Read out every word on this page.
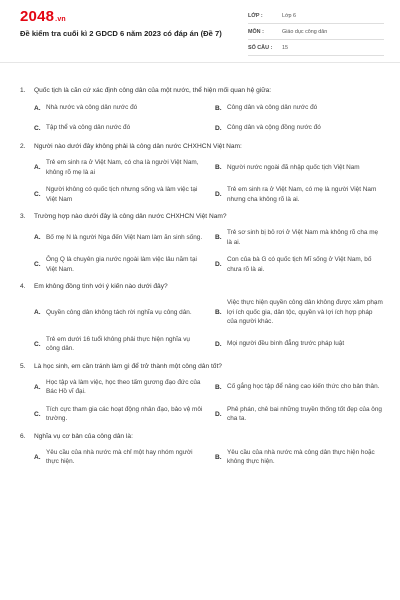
2048.vn
Đề kiểm tra cuối kì 2 GDCD 6 năm 2023 có đáp án (Đề 7)
LỚP :	Lớp 6
MÔN :	Giáo dục công dân
SỐ CÂU :	15
1.	Quốc tịch là căn cứ xác định công dân của một nước, thể hiện mối quan hệ giữa:
A. Nhà nước và công dân nước đó	B. Công dân và công dân nước đó
C. Tập thể và công dân nước đó	D. Công dân và cộng đồng nước đó
2.	Người nào dưới đây không phải là công dân nước CHXHCN Việt Nam:
A.
Trẻ em sinh ra ở Việt Nam, có cha là người Việt Nam, không rõ mẹ là ai
B. Người nước ngoài đã nhập quốc tịch Việt Nam
C.
Người không có quốc tịch nhưng sống và làm việc tại Việt Nam
D.
Trẻ em sinh ra ở Việt Nam, có mẹ là người Việt Nam nhưng cha không rõ là ai.
3.	Trường hợp nào dưới đây là công dân nước CHXHCN Việt Nam?
A. Bố mẹ N là người Nga đến Việt Nam làm ăn sinh sống. B.
Trẻ sơ sinh bị bỏ rơi ở Việt Nam mà không rõ cha mẹ là ai.
C.
Ông Q là chuyên gia nước ngoài làm việc lâu năm tại Việt Nam.
D.
Con của bà G có quốc tịch Mĩ sống ở Việt Nam, bố chưa rõ là ai.
4.	Em không đồng tình với ý kiến nào dưới đây?
A. Quyền công dân không tách rời nghĩa vụ công dân.	B.
Việc thực hiện quyền công dân không được xâm phạm lợi ích quốc gia, dân tộc, quyền và lợi ích hợp pháp của người khác.
C.
Trẻ em dưới 16 tuổi không phải thực hiện nghĩa vụ công dân.
D. Mọi người đều bình đẳng trước pháp luật
5.	Là học sinh, em cần tránh làm gì để trở thành một công dân tốt?
A.
Học tập và làm việc, học theo tấm gương đạo đức của Bác Hồ vĩ đại.
B. Cố gắng học tập để nâng cao kiến thức cho bản thân.
C.
Tích cực tham gia các hoạt động nhân đạo, bảo vệ môi trường.
D.
Phê phán, chê bai những truyền thống tốt đẹp của ông cha ta.
6.	Nghĩa vụ cơ bản của công dân là:
A.
Yêu cầu của nhà nước mà chỉ một hay nhóm người thực hiện.
B.
Yêu cầu của nhà nước mà công dân thực hiện hoặc không thực hiện.
